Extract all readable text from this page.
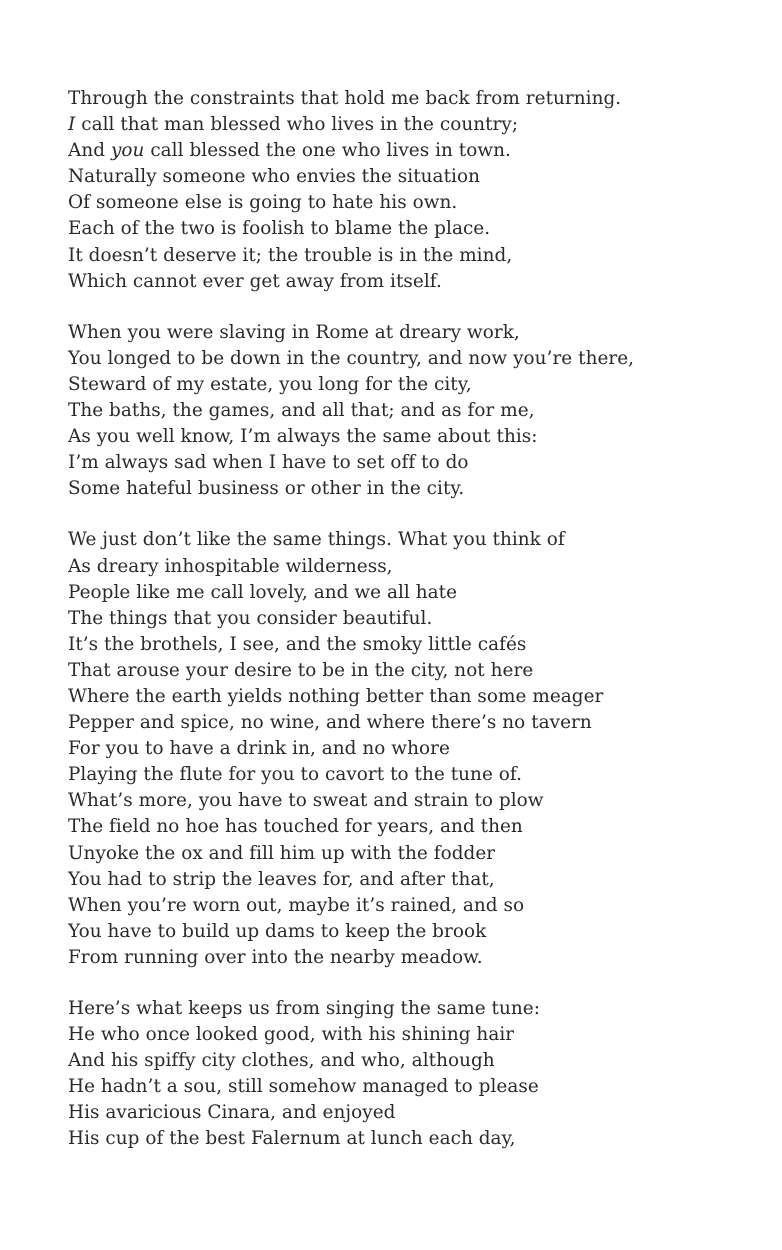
Through the constraints that hold me back from returning.
I call that man blessed who lives in the country;
And you call blessed the one who lives in town.
Naturally someone who envies the situation
Of someone else is going to hate his own.
Each of the two is foolish to blame the place.
It doesn’t deserve it; the trouble is in the mind,
Which cannot ever get away from itself.
When you were slaving in Rome at dreary work,
You longed to be down in the country, and now you’re there,
Steward of my estate, you long for the city,
The baths, the games, and all that; and as for me,
As you well know, I’m always the same about this:
I’m always sad when I have to set off to do
Some hateful business or other in the city.
We just don’t like the same things. What you think of
As dreary inhospitable wilderness,
People like me call lovely, and we all hate
The things that you consider beautiful.
It’s the brothels, I see, and the smoky little cafés
That arouse your desire to be in the city, not here
Where the earth yields nothing better than some meager
Pepper and spice, no wine, and where there’s no tavern
For you to have a drink in, and no whore
Playing the flute for you to cavort to the tune of.
What’s more, you have to sweat and strain to plow
The field no hoe has touched for years, and then
Unyoke the ox and fill him up with the fodder
You had to strip the leaves for, and after that,
When you’re worn out, maybe it’s rained, and so
You have to build up dams to keep the brook
From running over into the nearby meadow.
Here’s what keeps us from singing the same tune:
He who once looked good, with his shining hair
And his spiffy city clothes, and who, although
He hadn’t a sou, still somehow managed to please
His avaricious Cinara, and enjoyed
His cup of the best Falernum at lunch each day,
